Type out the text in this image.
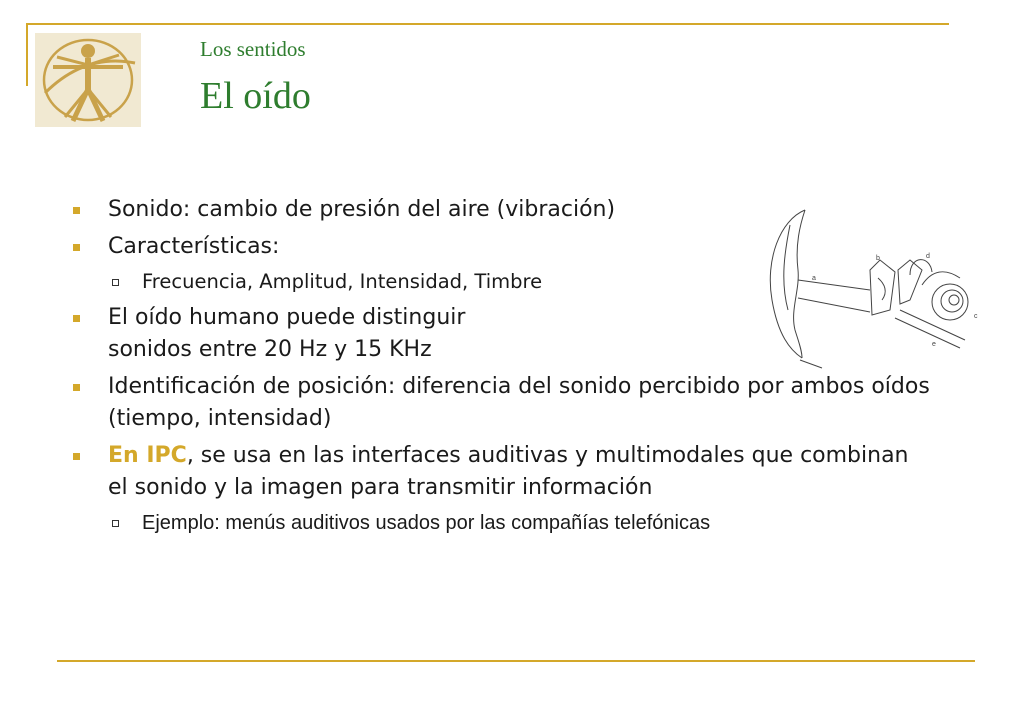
Los sentidos
El oído
Sonido: cambio de presión del aire (vibración)
Características:
Frecuencia, Amplitud, Intensidad, Timbre
El oído humano puede distinguir
sonidos entre 20 Hz y 15 KHz
Identificación de posición: diferencia del sonido percibido por ambos oídos (tiempo, intensidad)
En IPC, se usa en las interfaces auditivas y multimodales que combinan el sonido y la imagen para transmitir información
Ejemplo: menús auditivos usados por las compañías telefónicas
a
b
c
d
e
